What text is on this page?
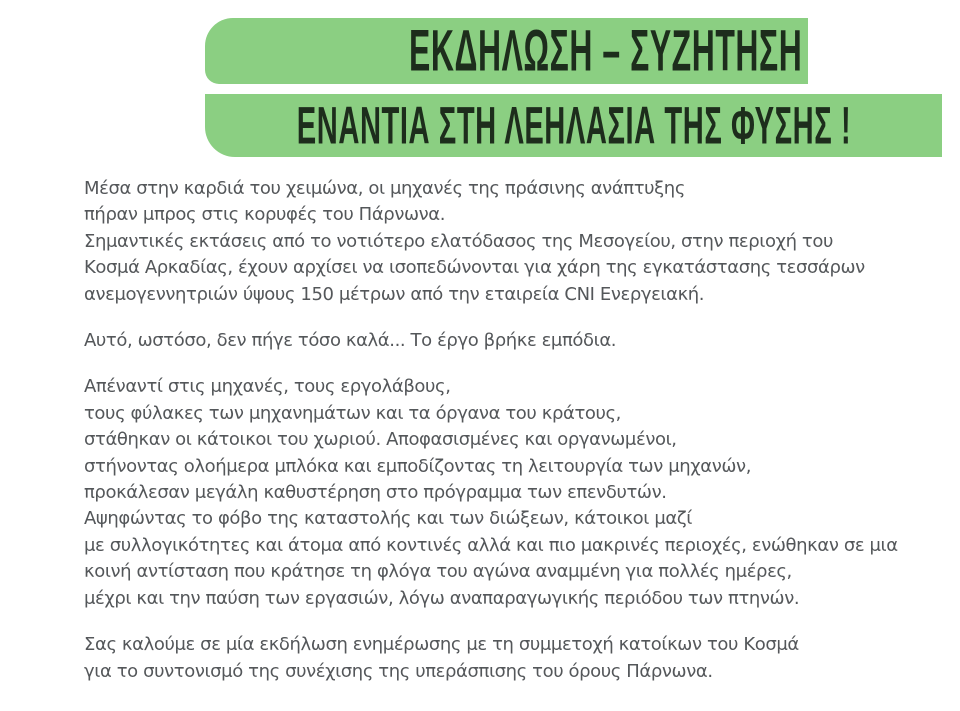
ΕΚΔΗΛΩΣΗ – ΣΥΖΗΤΗΣΗ
ΕΝΑΝΤΙΑ ΣΤΗ ΛΕΗΛΑΣΙΑ ΤΗΣ ΦΥΣΗΣ !
Μέσα στην καρδιά του χειμώνα, οι μηχανές της πράσινης ανάπτυξης
πήραν μπρος στις κορυφές του Πάρνωνα.
Σημαντικές εκτάσεις από το νοτιότερο ελατόδασος της Μεσογείου, στην περιοχή του
Κοσμά Αρκαδίας, έχουν αρχίσει να ισοπεδώνονται για χάρη της εγκατάστασης τεσσάρων
ανεμογεννητριών ύψους 150 μέτρων από την εταιρεία CNI Ενεργειακή.
Αυτό, ωστόσο, δεν πήγε τόσο καλά... Το έργο βρήκε εμπόδια.
Απέναντί στις μηχανές, τους εργολάβους,
τους φύλακες των μηχανημάτων και τα όργανα του κράτους,
στάθηκαν οι κάτοικοι του χωριού. Αποφασισμένες και οργανωμένοι,
στήνοντας ολοήμερα μπλόκα και εμποδίζοντας τη λειτουργία των μηχανών,
προκάλεσαν μεγάλη καθυστέρηση στο πρόγραμμα των επενδυτών.
Αψηφώντας το φόβο της καταστολής και των διώξεων, κάτοικοι μαζί
με συλλογικότητες και άτομα από κοντινές αλλά και πιο μακρινές περιοχές, ενώθηκαν σε μια
κοινή αντίσταση που κράτησε τη φλόγα του αγώνα αναμμένη για πολλές ημέρες,
μέχρι και την παύση των εργασιών, λόγω αναπαραγωγικής περιόδου των πτηνών.
Σας καλούμε σε μία εκδήλωση ενημέρωσης με τη συμμετοχή κατοίκων του Κοσμά
για το συντονισμό της συνέχισης της υπεράσπισης του όρους Πάρνωνα.
